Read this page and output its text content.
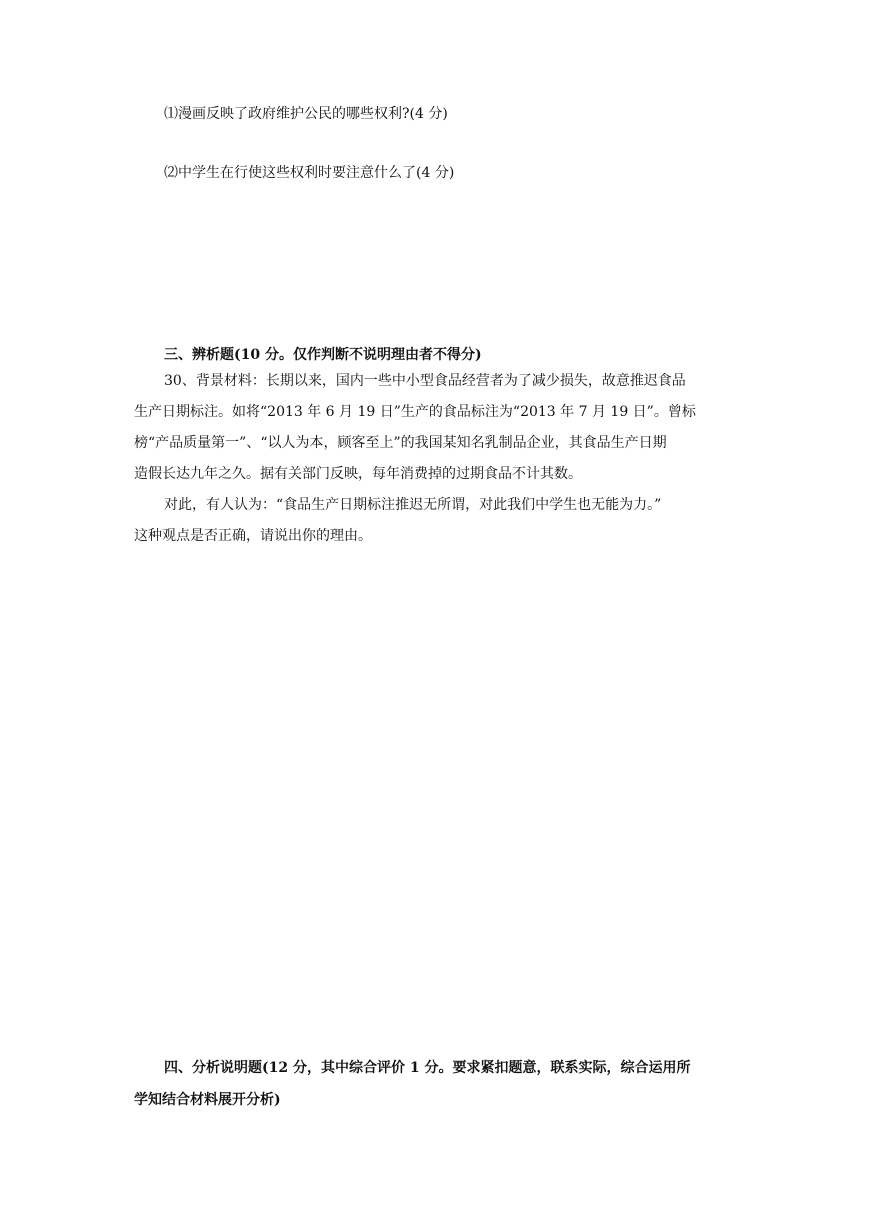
⑴漫画反映了政府维护公民的哪些权利?(4 分)
⑵中学生在行使这些权利时要注意什么了(4 分)
三、辨析题(10 分。仅作判断不说明理由者不得分)
30、背景材料：长期以来，国内一些中小型食品经营者为了减少损失，故意推迟食品
生产日期标注。如将“2013 年 6 月 19 日”生产的食品标注为“2013 年 7 月 19 日”。曾标
榜“产品质量第一”、“以人为本，顾客至上”的我国某知名乳制品企业，其食品生产日期
造假长达九年之久。据有关部门反映，每年消费掉的过期食品不计其数。
对此，有人认为：“食品生产日期标注推迟无所谓，对此我们中学生也无能为力。”
这种观点是否正确，请说出你的理由。
四、分析说明题(12 分，其中综合评价 1 分。要求紧扣题意，联系实际，综合运用所
学知结合材料展开分析)
